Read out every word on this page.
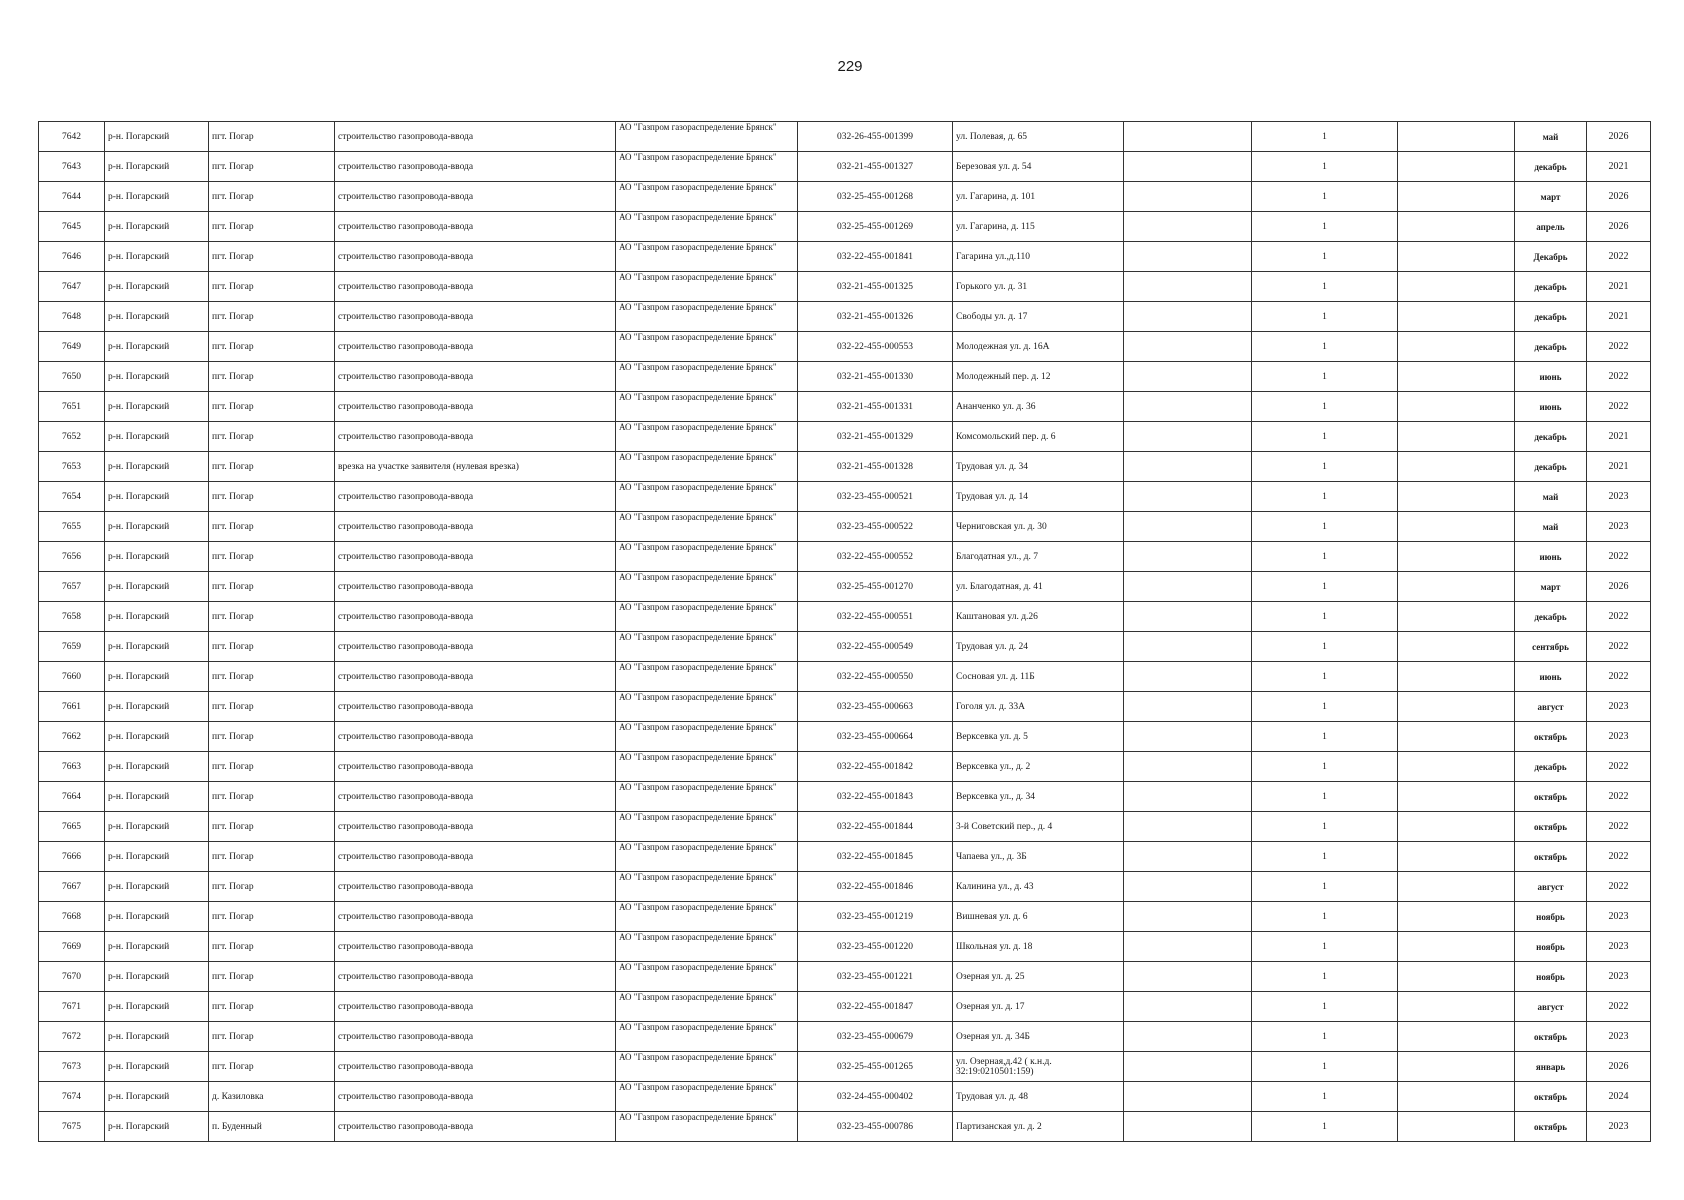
229
7642	р-н. Погарский	пгт. Погар	строительство газопровода-ввода	АО "Газпром газораспределение Брянск"	032-26-455-001399	ул. Полевая, д. 65		1		май	2026
7643	р-н. Погарский	пгт. Погар	строительство газопровода-ввода	АО "Газпром газораспределение Брянск"	032-21-455-001327	Березовая ул. д. 54		1		декабрь	2021
7644	р-н. Погарский	пгт. Погар	строительство газопровода-ввода	АО "Газпром газораспределение Брянск"	032-25-455-001268	ул. Гагарина, д. 101		1		март	2026
7645	р-н. Погарский	пгт. Погар	строительство газопровода-ввода	АО "Газпром газораспределение Брянск"	032-25-455-001269	ул. Гагарина, д. 115		1		апрель	2026
7646	р-н. Погарский	пгт. Погар	строительство газопровода-ввода	АО "Газпром газораспределение Брянск"	032-22-455-001841	Гагарина ул.,д.110		1		Декабрь	2022
7647	р-н. Погарский	пгт. Погар	строительство газопровода-ввода	АО "Газпром газораспределение Брянск"	032-21-455-001325	Горького ул. д. 31		1		декабрь	2021
7648	р-н. Погарский	пгт. Погар	строительство газопровода-ввода	АО "Газпром газораспределение Брянск"	032-21-455-001326	Свободы ул. д. 17		1		декабрь	2021
7649	р-н. Погарский	пгт. Погар	строительство газопровода-ввода	АО "Газпром газораспределение Брянск"	032-22-455-000553	Молодежная ул. д. 16А		1		декабрь	2022
7650	р-н. Погарский	пгт. Погар	строительство газопровода-ввода	АО "Газпром газораспределение Брянск"	032-21-455-001330	Молодежный пер. д. 12		1		июнь	2022
7651	р-н. Погарский	пгт. Погар	строительство газопровода-ввода	АО "Газпром газораспределение Брянск"	032-21-455-001331	Ананченко ул. д. 36		1		июнь	2022
7652	р-н. Погарский	пгт. Погар	строительство газопровода-ввода	АО "Газпром газораспределение Брянск"	032-21-455-001329	Комсомольский пер. д. 6		1		декабрь	2021
7653	р-н. Погарский	пгт. Погар	врезка на участке заявителя (нулевая врезка)	АО "Газпром газораспределение Брянск"	032-21-455-001328	Трудовая ул. д. 34		1		декабрь	2021
7654	р-н. Погарский	пгт. Погар	строительство газопровода-ввода	АО "Газпром газораспределение Брянск"	032-23-455-000521	Трудовая ул. д. 14		1		май	2023
7655	р-н. Погарский	пгт. Погар	строительство газопровода-ввода	АО "Газпром газораспределение Брянск"	032-23-455-000522	Черниговская ул. д. 30		1		май	2023
7656	р-н. Погарский	пгт. Погар	строительство газопровода-ввода	АО "Газпром газораспределение Брянск"	032-22-455-000552	Благодатная ул., д. 7		1		июнь	2022
7657	р-н. Погарский	пгт. Погар	строительство газопровода-ввода	АО "Газпром газораспределение Брянск"	032-25-455-001270	ул. Благодатная, д. 41		1		март	2026
7658	р-н. Погарский	пгт. Погар	строительство газопровода-ввода	АО "Газпром газораспределение Брянск"	032-22-455-000551	Каштановая ул. д.26		1		декабрь	2022
7659	р-н. Погарский	пгт. Погар	строительство газопровода-ввода	АО "Газпром газораспределение Брянск"	032-22-455-000549	Трудовая ул. д. 24		1		сентябрь	2022
7660	р-н. Погарский	пгт. Погар	строительство газопровода-ввода	АО "Газпром газораспределение Брянск"	032-22-455-000550	Сосновая ул. д. 11Б		1		июнь	2022
7661	р-н. Погарский	пгт. Погар	строительство газопровода-ввода	АО "Газпром газораспределение Брянск"	032-23-455-000663	Гоголя ул. д. 33А		1		август	2023
7662	р-н. Погарский	пгт. Погар	строительство газопровода-ввода	АО "Газпром газораспределение Брянск"	032-23-455-000664	Верксевка ул. д. 5		1		октябрь	2023
7663	р-н. Погарский	пгт. Погар	строительство газопровода-ввода	АО "Газпром газораспределение Брянск"	032-22-455-001842	Верксевка ул., д. 2		1		декабрь	2022
7664	р-н. Погарский	пгт. Погар	строительство газопровода-ввода	АО "Газпром газораспределение Брянск"	032-22-455-001843	Верксевка ул., д. 34		1		октябрь	2022
7665	р-н. Погарский	пгт. Погар	строительство газопровода-ввода	АО "Газпром газораспределение Брянск"	032-22-455-001844	3-й Советский пер., д. 4		1		октябрь	2022
7666	р-н. Погарский	пгт. Погар	строительство газопровода-ввода	АО "Газпром газораспределение Брянск"	032-22-455-001845	Чапаева ул., д. 3Б		1		октябрь	2022
7667	р-н. Погарский	пгт. Погар	строительство газопровода-ввода	АО "Газпром газораспределение Брянск"	032-22-455-001846	Калинина ул., д. 43		1		август	2022
7668	р-н. Погарский	пгт. Погар	строительство газопровода-ввода	АО "Газпром газораспределение Брянск"	032-23-455-001219	Вишневая ул. д. 6		1		ноябрь	2023
7669	р-н. Погарский	пгт. Погар	строительство газопровода-ввода	АО "Газпром газораспределение Брянск"	032-23-455-001220	Школьная ул. д. 18		1		ноябрь	2023
7670	р-н. Погарский	пгт. Погар	строительство газопровода-ввода	АО "Газпром газораспределение Брянск"	032-23-455-001221	Озерная ул. д. 25		1		ноябрь	2023
7671	р-н. Погарский	пгт. Погар	строительство газопровода-ввода	АО "Газпром газораспределение Брянск"	032-22-455-001847	Озерная ул. д. 17		1		август	2022
7672	р-н. Погарский	пгт. Погар	строительство газопровода-ввода	АО "Газпром газораспределение Брянск"	032-23-455-000679	Озерная ул. д. 34Б		1		октябрь	2023
7673	р-н. Погарский	пгт. Погар	строительство газопровода-ввода	АО "Газпром газораспределение Брянск"	032-25-455-001265	ул. Озерная,д.42 ( к.н.д. 32:19:0210501:159)		1		январь	2026
7674	р-н. Погарский	д. Казиловка	строительство газопровода-ввода	АО "Газпром газораспределение Брянск"	032-24-455-000402	Трудовая ул. д. 48		1		октябрь	2024
7675	р-н. Погарский	п. Буденный	строительство газопровода-ввода	АО "Газпром газораспределение Брянск"	032-23-455-000786	Партизанская ул. д. 2		1		октябрь	2023
